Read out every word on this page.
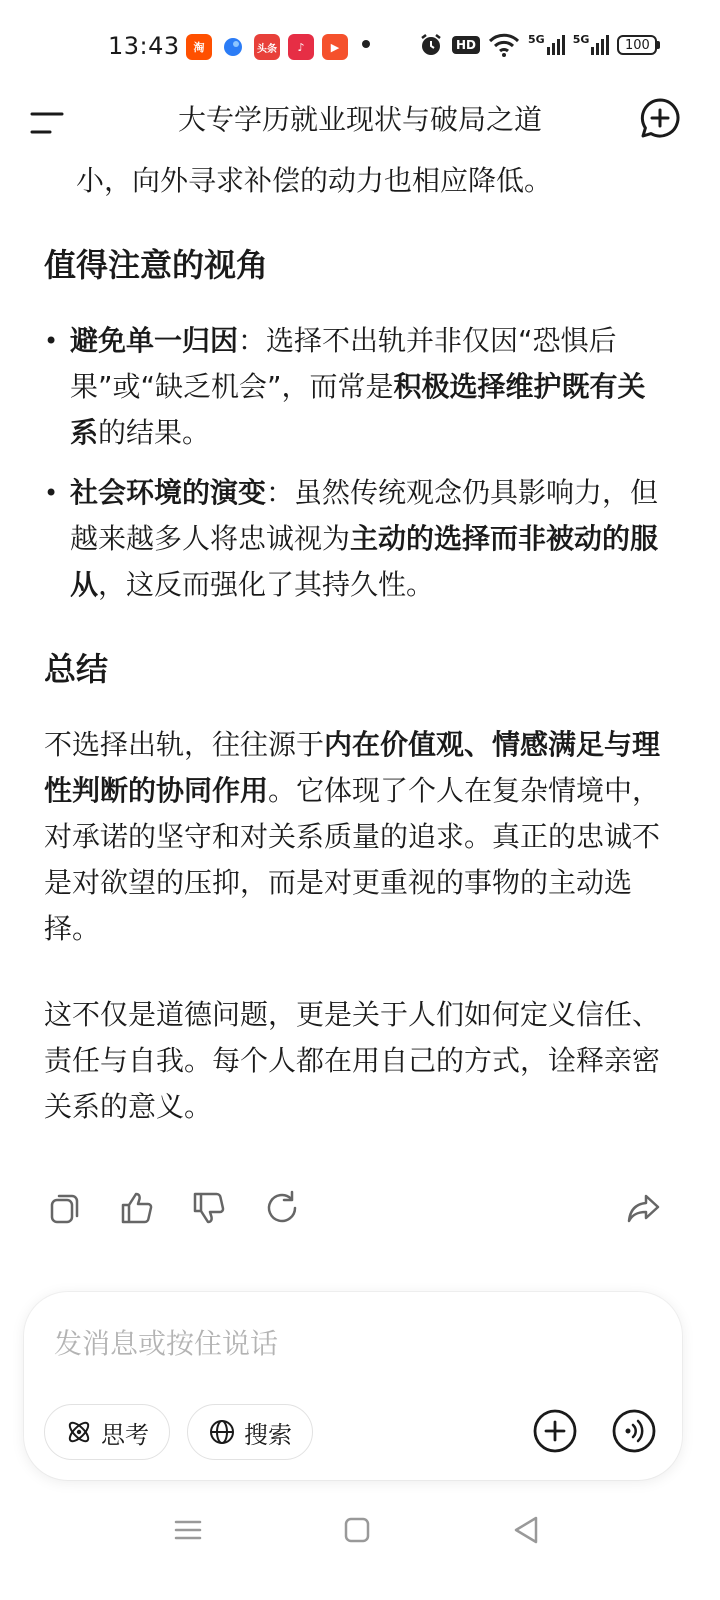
13:43 淘	头条 ♪ ▶	HD	5G	5G	100
大专学历就业现状与破局之道

小，向外寻求补偿的动力也相应降低。

值得注意的视角
• 避免单一归因：选择不出轨并非仅因“恐惧后果”或“缺乏机会”，而常是积极选择维护既有关系的结果。
• 社会环境的演变：虽然传统观念仍具影响力，但越来越多人将忠诚视为主动的选择而非被动的服从，这反而强化了其持久性。
总结

不选择出轨，往往源于内在价值观、情感满足与理性判断的协同作用。它体现了个人在复杂情境中，对承诺的坚守和对关系质量的追求。真正的忠诚不是对欲望的压抑，而是对更重视的事物的主动选择。

这不仅是道德问题，更是关于人们如何定义信任、责任与自我。每个人都在用自己的方式，诠释亲密关系的意义。

发消息或按住说话
思考	搜索
